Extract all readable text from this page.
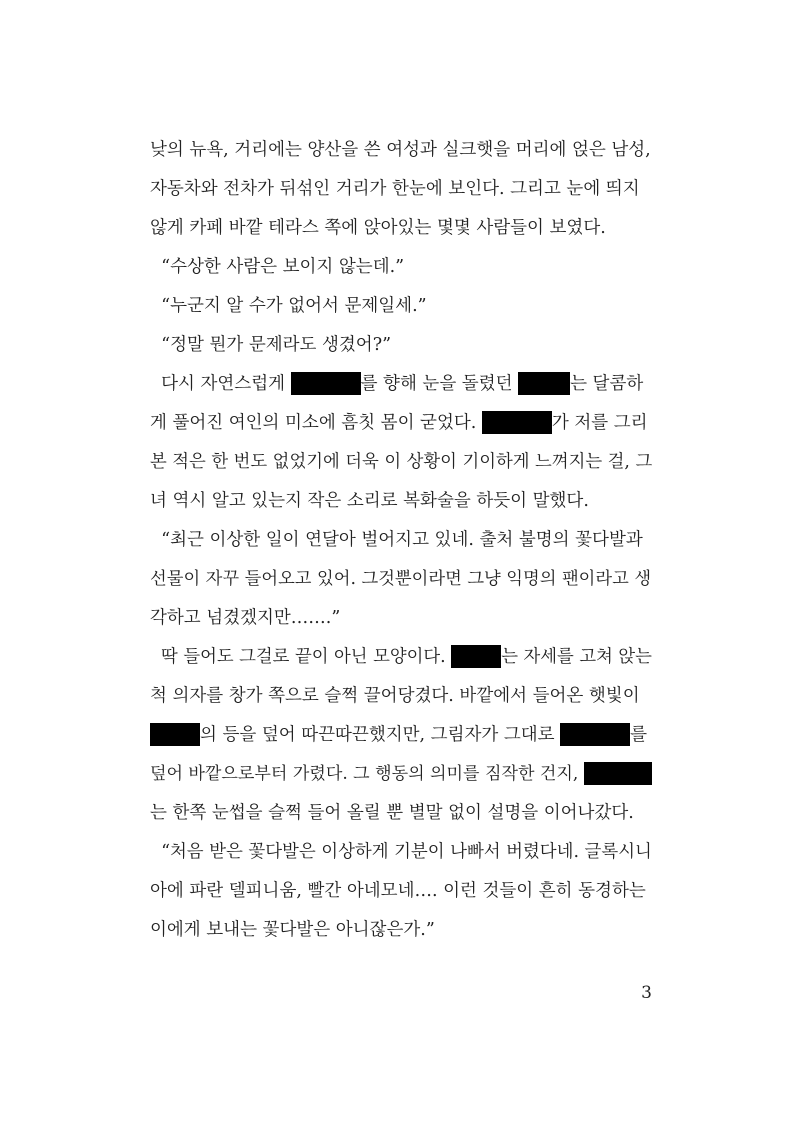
낮의 뉴욕, 거리에는 양산을 쓴 여성과 실크햇을 머리에 얹은 남성,
자동차와 전차가 뒤섞인 거리가 한눈에 보인다. 그리고 눈에 띄지
않게 카페 바깥 테라스 쪽에 앉아있는 몇몇 사람들이 보였다.
“수상한 사람은 보이지 않는데.”
“누군지 알 수가 없어서 문제일세.”
“정말 뭔가 문제라도 생겼어?”
다시 자연스럽게	를 향해 눈을 돌렸던	는 달콤하
게 풀어진 여인의 미소에 흠칫 몸이 굳었다.	가 저를 그리
본 적은 한 번도 없었기에 더욱 이 상황이 기이하게 느껴지는 걸, 그
녀 역시 알고 있는지 작은 소리로 복화술을 하듯이 말했다.
“최근 이상한 일이 연달아 벌어지고 있네. 출처 불명의 꽃다발과
선물이 자꾸 들어오고 있어. 그것뿐이라면 그냥 익명의 팬이라고 생
각하고 넘겼겠지만…….”
딱 들어도 그걸로 끝이 아닌 모양이다.	는 자세를 고쳐 앉는
척 의자를 창가 쪽으로 슬쩍 끌어당겼다. 바깥에서 들어온 햇빛이
의 등을 덮어 따끈따끈했지만, 그림자가 그대로	를
덮어 바깥으로부터 가렸다. 그 행동의 의미를 짐작한 건지,
는 한쪽 눈썹을 슬쩍 들어 올릴 뿐 별말 없이 설명을 이어나갔다.
“처음 받은 꽃다발은 이상하게 기분이 나빠서 버렸다네. 글록시니
아에 파란 델피니움, 빨간 아네모네…. 이런 것들이 흔히 동경하는
이에게 보내는 꽃다발은 아니잖은가.”
3
